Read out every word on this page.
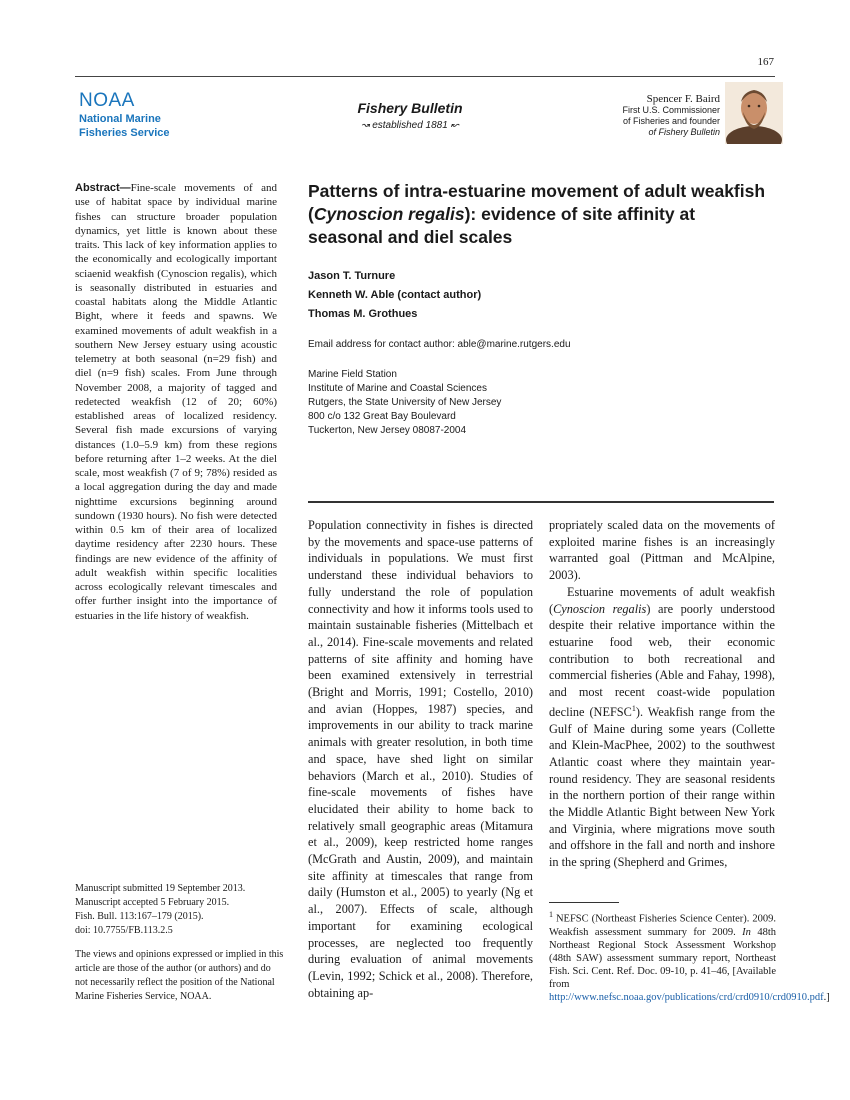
167
NOAA
National Marine
Fisheries Service
Fishery Bulletin
↝ established 1881 ↜
Spencer F. Baird
First U.S. Commissioner
of Fisheries and founder
of Fishery Bulletin
Abstract—Fine-scale movements of and use of habitat space by individual marine fishes can structure broader population dynamics, yet little is known about these traits. This lack of key information applies to the economically and ecologically important sciaenid weakfish (Cynoscion regalis), which is seasonally distributed in estuaries and coastal habitats along the Middle Atlantic Bight, where it feeds and spawns. We examined movements of adult weakfish in a southern New Jersey estuary using acoustic telemetry at both seasonal (n=29 fish) and diel (n=9 fish) scales. From June through November 2008, a majority of tagged and redetected weakfish (12 of 20; 60%) established areas of localized residency. Several fish made excursions of varying distances (1.0–5.9 km) from these regions before returning after 1–2 weeks. At the diel scale, most weakfish (7 of 9; 78%) resided as a local aggregation during the day and made nighttime excursions beginning around sundown (1930 hours). No fish were detected within 0.5 km of their area of localized daytime residency after 2230 hours. These findings are new evidence of the affinity of adult weakfish within specific localities across ecologically relevant timescales and offer further insight into the importance of estuaries in the life history of weakfish.
Manuscript submitted 19 September 2013.
Manuscript accepted 5 February 2015.
Fish. Bull. 113:167–179 (2015).
doi: 10.7755/FB.113.2.5
The views and opinions expressed or implied in this article are those of the author (or authors) and do not necessarily reflect the position of the National Marine Fisheries Service, NOAA.
Patterns of intra-estuarine movement of adult weakfish (Cynoscion regalis): evidence of site affinity at seasonal and diel scales
Jason T. Turnure
Kenneth W. Able (contact author)
Thomas M. Grothues
Email address for contact author: able@marine.rutgers.edu
Marine Field Station
Institute of Marine and Coastal Sciences
Rutgers, the State University of New Jersey
800 c/o 132 Great Bay Boulevard
Tuckerton, New Jersey 08087-2004
Population connectivity in fishes is directed by the movements and space-use patterns of individuals in populations. We must first understand these individual behaviors to fully understand the role of population connectivity and how it informs tools used to maintain sustainable fisheries (Mittelbach et al., 2014). Fine-scale movements and related patterns of site affinity and homing have been examined extensively in terrestrial (Bright and Morris, 1991; Costello, 2010) and avian (Hoppes, 1987) species, and improvements in our ability to track marine animals with greater resolution, in both time and space, have shed light on similar behaviors (March et al., 2010). Studies of fine-scale movements of fishes have elucidated their ability to home back to relatively small geographic areas (Mitamura et al., 2009), keep restricted home ranges (McGrath and Austin, 2009), and maintain site affinity at timescales that range from daily (Humston et al., 2005) to yearly (Ng et al., 2007). Effects of scale, although important for examining ecological processes, are neglected too frequently during evaluation of animal movements (Levin, 1992; Schick et al., 2008). Therefore, obtaining ap-
propriately scaled data on the movements of exploited marine fishes is an increasingly warranted goal (Pittman and McAlpine, 2003).
Estuarine movements of adult weakfish (Cynoscion regalis) are poorly understood despite their relative importance within the estuarine food web, their economic contribution to both recreational and commercial fisheries (Able and Fahay, 1998), and most recent coast-wide population decline (NEFSC$^1$). Weakfish range from the Gulf of Maine during some years (Collette and Klein-MacPhee, 2002) to the southwest Atlantic coast where they maintain year-round residency. They are seasonal residents in the northern portion of their range within the Middle Atlantic Bight between New York and Virginia, where migrations move south and offshore in the fall and north and inshore in the spring (Shepherd and Grimes,
$^1$ NEFSC (Northeast Fisheries Science Center). 2009. Weakfish assessment summary for 2009. In 48th Northeast Regional Stock Assessment Workshop (48th SAW) assessment summary report, Northeast Fish. Sci. Cent. Ref. Doc. 09-10, p. 41–46, [Available from http://www.nefsc.noaa.gov/publications/crd/crd0910/crd0910.pdf.]
